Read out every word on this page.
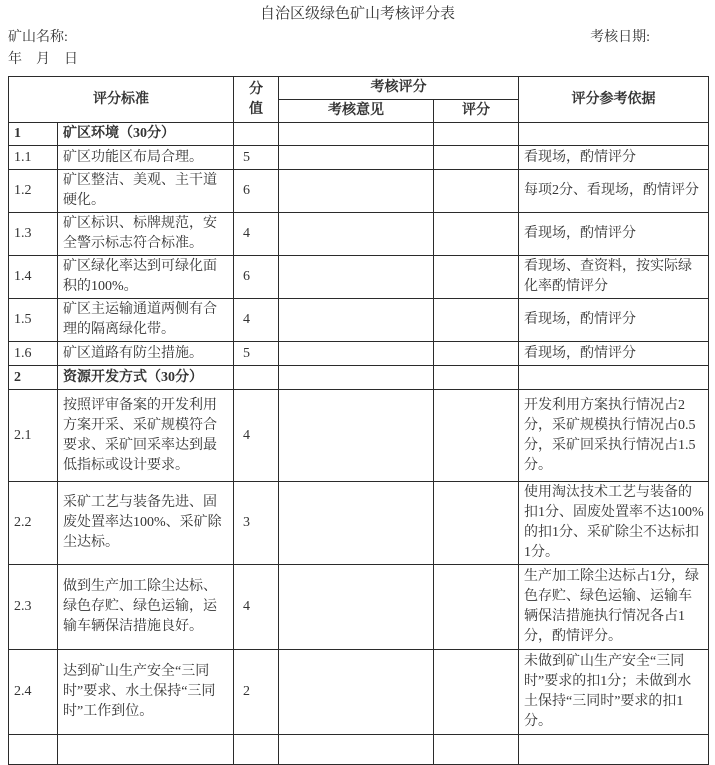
自治区级绿色矿山考核评分表
矿山名称:	考核日期:
年　月　日
评分标准		分值	考核评分		评分参考依据
			考核意见	评分	
1	矿区环境（30分）				
1.1	矿区功能区布局合理。	5			看现场，酌情评分
1.2	矿区整洁、美观、主干道硬化。	6			每项2分、看现场，酌情评分
1.3	矿区标识、标牌规范，安全警示标志符合标准。	4			看现场，酌情评分
1.4	矿区绿化率达到可绿化面积的100%。	6			看现场、查资料，按实际绿化率酌情评分
1.5	矿区主运输通道两侧有合理的隔离绿化带。	4			看现场，酌情评分
1.6	矿区道路有防尘措施。	5			看现场，酌情评分
2	资源开发方式（30分）				
2.1	按照评审备案的开发利用方案开采、采矿规模符合要求、采矿回采率达到最低指标或设计要求。	4			开发利用方案执行情况占2分，采矿规模执行情况占0.5分，采矿回采执行情况占1.5分。
2.2	采矿工艺与装备先进、固废处置率达100%、采矿除尘达标。	3			使用淘汰技术工艺与装备的扣1分、固废处置率不达100%的扣1分、采矿除尘不达标扣1分。
2.3	做到生产加工除尘达标、绿色存贮、绿色运输，运输车辆保洁措施良好。	4			生产加工除尘达标占1分，绿色存贮、绿色运输、运输车辆保洁措施执行情况各占1分，酌情评分。
2.4	达到矿山生产安全“三同时”要求、水土保持“三同时”工作到位。	2			未做到矿山生产安全“三同时”要求的扣1分；未做到水土保持“三同时”要求的扣1分。
